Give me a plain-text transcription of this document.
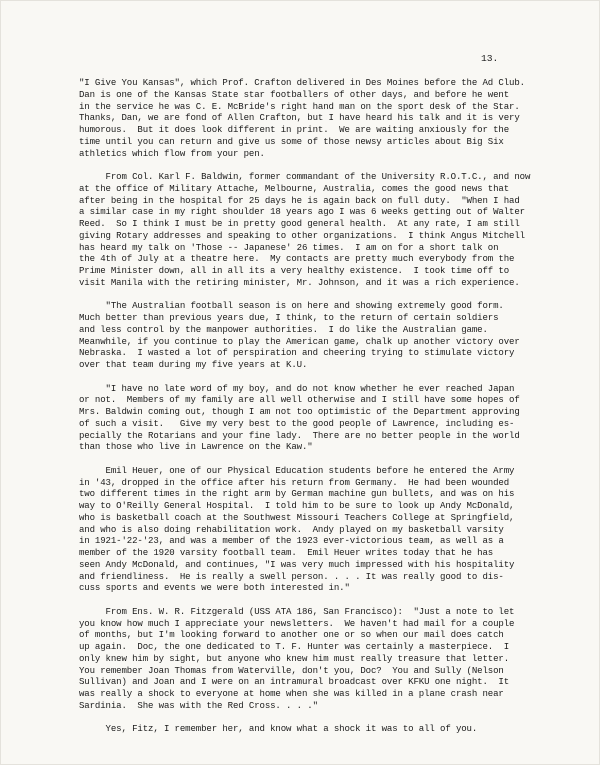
13.
"I Give You Kansas", which Prof. Crafton delivered in Des Moines before the Ad Club.
Dan is one of the Kansas State star footballers of other days, and before he went
in the service he was C. E. McBride's right hand man on the sport desk of the Star.
Thanks, Dan, we are fond of Allen Crafton, but I have heard his talk and it is very
humorous.  But it does look different in print.  We are waiting anxiously for the
time until you can return and give us some of those newsy articles about Big Six
athletics which flow from your pen.
From Col. Karl F. Baldwin, former commandant of the University R.O.T.C., and now
at the office of Military Attache, Melbourne, Australia, comes the good news that
after being in the hospital for 25 days he is again back on full duty.  "When I had
a similar case in my right shoulder 18 years ago I was 6 weeks getting out of Walter
Reed.  So I think I must be in pretty good general health.  At any rate, I am still
giving Rotary addresses and speaking to other organizations.  I think Angus Mitchell
has heard my talk on 'Those -- Japanese' 26 times.  I am on for a short talk on
the 4th of July at a theatre here.  My contacts are pretty much everybody from the
Prime Minister down, all in all its a very healthy existence.  I took time off to
visit Manila with the retiring minister, Mr. Johnson, and it was a rich experience.
"The Australian football season is on here and showing extremely good form.
Much better than previous years due, I think, to the return of certain soldiers
and less control by the manpower authorities.  I do like the Australian game.
Meanwhile, if you continue to play the American game, chalk up another victory over
Nebraska.  I wasted a lot of perspiration and cheering trying to stimulate victory
over that team during my five years at K.U.
"I have no late word of my boy, and do not know whether he ever reached Japan
or not.  Members of my family are all well otherwise and I still have some hopes of
Mrs. Baldwin coming out, though I am not too optimistic of the Department approving
of such a visit.   Give my very best to the good people of Lawrence, including es-
pecially the Rotarians and your fine lady.  There are no better people in the world
than those who live in Lawrence on the Kaw."
Emil Heuer, one of our Physical Education students before he entered the Army
in '43, dropped in the office after his return from Germany.  He had been wounded
two different times in the right arm by German machine gun bullets, and was on his
way to O'Reilly General Hospital.  I told him to be sure to look up Andy McDonald,
who is basketball coach at the Southwest Missouri Teachers College at Springfield,
and who is also doing rehabilitation work.  Andy played on my basketball varsity
in 1921-'22-'23, and was a member of the 1923 ever-victorious team, as well as a
member of the 1920 varsity football team.  Emil Heuer writes today that he has
seen Andy McDonald, and continues, "I was very much impressed with his hospitality
and friendliness.  He is really a swell person. . . . It was really good to dis-
cuss sports and events we were both interested in."
From Ens. W. R. Fitzgerald (USS ATA 186, San Francisco):  "Just a note to let
you know how much I appreciate your newsletters.  We haven't had mail for a couple
of months, but I'm looking forward to another one or so when our mail does catch
up again.  Doc, the one dedicated to T. F. Hunter was certainly a masterpiece.  I
only knew him by sight, but anyone who knew him must really treasure that letter.
You remember Joan Thomas from Waterville, don't you, Doc?  You and Sully (Nelson
Sullivan) and Joan and I were on an intramural broadcast over KFKU one night.  It
was really a shock to everyone at home when she was killed in a plane crash near
Sardinia.  She was with the Red Cross. . . ."
Yes, Fitz, I remember her, and know what a shock it was to all of you.
